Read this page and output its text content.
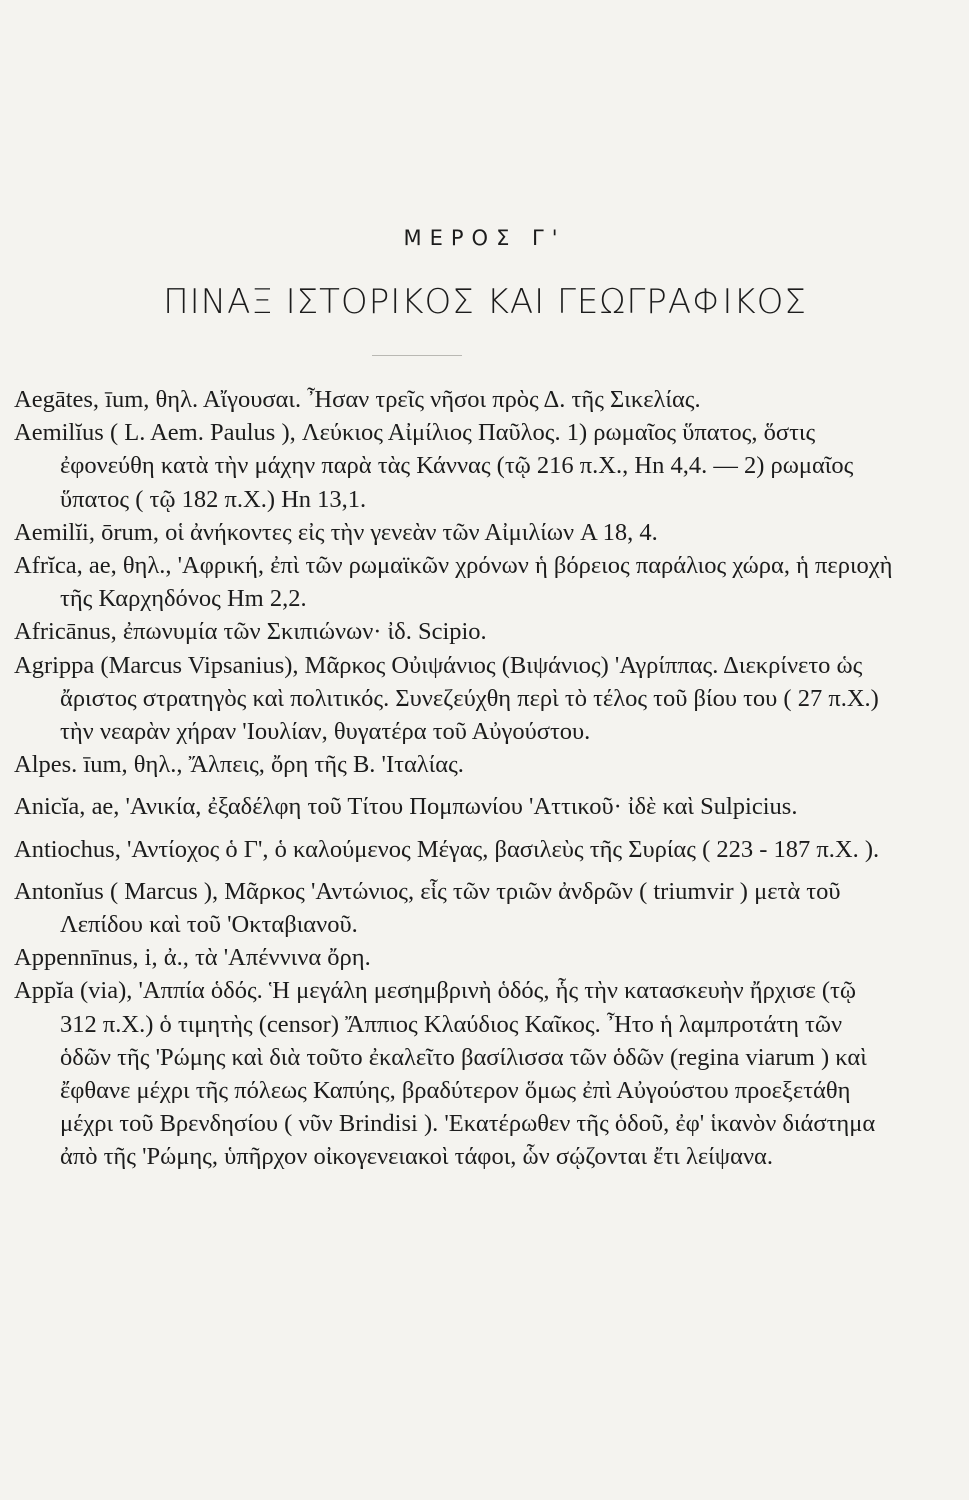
ΜΕΡΟΣ Γ'
ΠΙΝΑΞ ΙΣΤΟΡΙΚΟΣ ΚΑΙ ΓΕΩΓΡΑΦΙΚΟΣ

Aegātes, īum, θηλ. Αἴγουσαι. Ἦσαν τρεῖς νῆσοι πρὸς Δ. τῆς Σικελίας.

Aemilĭus ( L. Aem. Paulus ), Λεύκιος Αἰμίλιος Παῦλος. 1) ρωμαῖος ὕπατος, ὅστις ἐφονεύθη κατὰ τὴν μάχην παρὰ τὰς Κάννας (τῷ 216 π.Χ., Hn 4,4. — 2) ρωμαῖος ὕπατος ( τῷ 182 π.Χ.) Hn 13,1.

Aemilĭi, ōrum, οἱ ἀνήκοντες εἰς τὴν γενεὰν τῶν Αἰμιλίων A 18, 4.

Afrĭca, ae, θηλ., 'Αφρική, ἐπὶ τῶν ρωμαϊκῶν χρόνων ἡ βόρειος παράλιος χώρα, ἡ περιοχὴ τῆς Καρχηδόνος Hm 2,2.

Africānus, ἐπωνυμία τῶν Σκιπιώνων· ἰδ. Scipio.

Agrippa (Marcus Vipsanius), Μᾶρκος Οὐιψάνιος (Βιψάνιος) 'Αγρίππας. Διεκρίνετο ὡς ἄριστος στρατηγὸς καὶ πολιτικός. Συνεζεύχθη περὶ τὸ τέλος τοῦ βίου του ( 27 π.Χ.) τὴν νεαρὰν χήραν 'Ιουλίαν, θυγατέρα τοῦ Αὐγούστου.

Alpes. īum, θηλ., Ἄλπεις, ὄρη τῆς Β. 'Ιταλίας.

Anicĭa, ae, 'Ανικία, ἐξαδέλφη τοῦ Τίτου Πομπωνίου 'Αττικοῦ· ἰδὲ καὶ Sulpicius.

Antiochus, 'Αντίοχος ὁ Γ', ὁ καλούμενος Μέγας, βασιλεὺς τῆς Συρίας ( 223 - 187 π.Χ. ).

Antonĭus ( Marcus ), Μᾶρκος 'Αντώνιος, εἷς τῶν τριῶν ἀνδρῶν ( triumvir ) μετὰ τοῦ Λεπίδου καὶ τοῦ 'Οκταβιανοῦ.

Appennīnus, i, ἀ., τὰ 'Απέννινα ὄρη.

Appĭa (via), 'Αππία ὁδός. Ἡ μεγάλη μεσημβρινὴ ὁδός, ἧς τὴν κατασκευὴν ἤρχισε (τῷ 312 π.Χ.) ὁ τιμητὴς (censor) Ἄππιος Κλαύδιος Καῖκος. Ἦτο ἡ λαμπροτάτη τῶν ὁδῶν τῆς 'Ρώμης καὶ διὰ τοῦτο ἐκαλεῖτο βασίλισσα τῶν ὁδῶν (regina viarum ) καὶ ἔφθανε μέχρι τῆς πόλεως Καπύης, βραδύτερον ὅμως ἐπὶ Αὐγούστου προεξετάθη μέχρι τοῦ Βρενδησίου ( νῦν Brindisi ). 'Εκατέρωθεν τῆς ὁδοῦ, ἐφ' ἱκανὸν διάστημα ἀπὸ τῆς 'Ρώμης, ὑπῆρχον οἰκογενειακοὶ τάφοι, ὧν σῴζονται ἔτι λείψανα.
